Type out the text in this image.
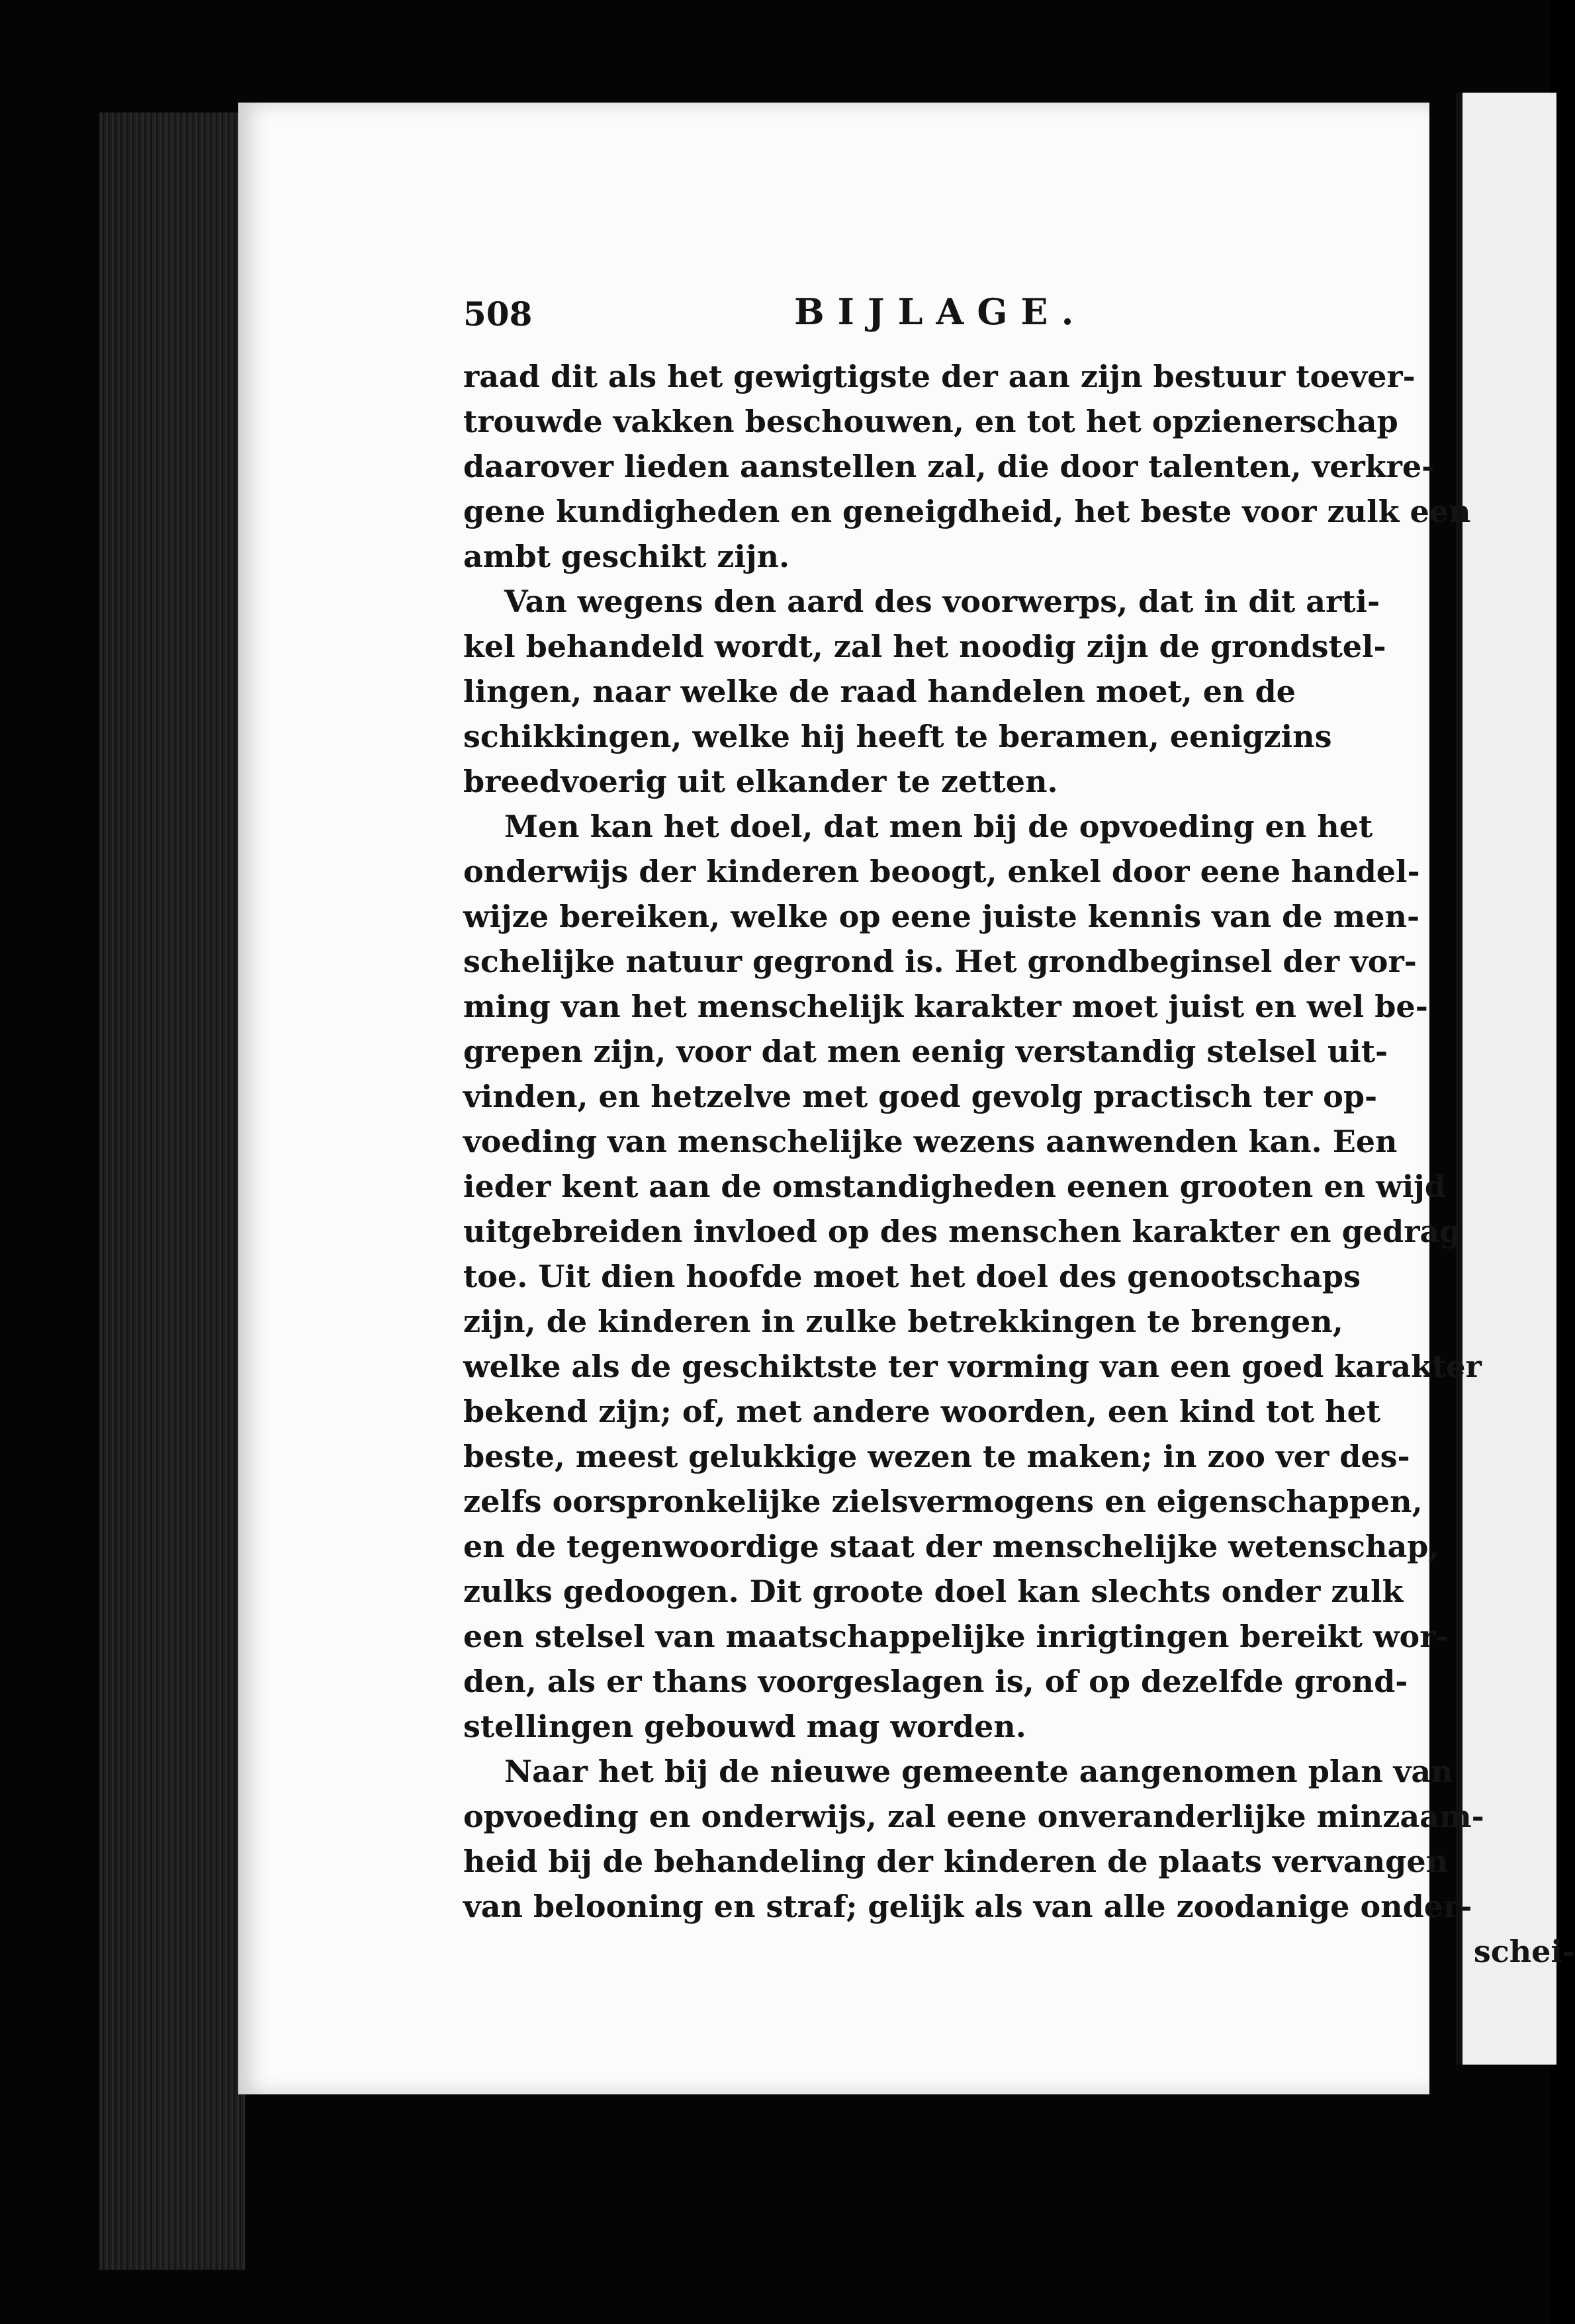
508	BIJLAGE.
raad dit als het gewigtigste der aan zijn bestuur toever-
trouwde vakken beschouwen, en tot het opzienerschap
daarover lieden aanstellen zal, die door talenten, verkre-
gene kundigheden en geneigdheid, het beste voor zulk een
ambt geschikt zijn.
Van wegens den aard des voorwerps, dat in dit arti-
kel behandeld wordt, zal het noodig zijn de grondstel-
lingen, naar welke de raad handelen moet, en de
schikkingen, welke hij heeft te beramen, eenigzins
breedvoerig uit elkander te zetten.
Men kan het doel, dat men bij de opvoeding en het
onderwijs der kinderen beoogt, enkel door eene handel-
wijze bereiken, welke op eene juiste kennis van de men-
schelijke natuur gegrond is. Het grondbeginsel der vor-
ming van het menschelijk karakter moet juist en wel be-
grepen zijn, voor dat men eenig verstandig stelsel uit-
vinden, en hetzelve met goed gevolg practisch ter op-
voeding van menschelijke wezens aanwenden kan. Een
ieder kent aan de omstandigheden eenen grooten en wijd
uitgebreiden invloed op des menschen karakter en gedrag
toe. Uit dien hoofde moet het doel des genootschaps
zijn, de kinderen in zulke betrekkingen te brengen,
welke als de geschiktste ter vorming van een goed karakter
bekend zijn; of, met andere woorden, een kind tot het
beste, meest gelukkige wezen te maken; in zoo ver des-
zelfs oorspronkelijke zielsvermogens en eigenschappen,
en de tegenwoordige staat der menschelijke wetenschap,
zulks gedoogen. Dit groote doel kan slechts onder zulk
een stelsel van maatschappelijke inrigtingen bereikt wor-
den, als er thans voorgeslagen is, of op dezelfde grond-
stellingen gebouwd mag worden.
Naar het bij de nieuwe gemeente aangenomen plan van
opvoeding en onderwijs, zal eene onveranderlijke minzaam-
heid bij de behandeling der kinderen de plaats vervangen
van belooning en straf; gelijk als van alle zoodanige onder-
schei-
